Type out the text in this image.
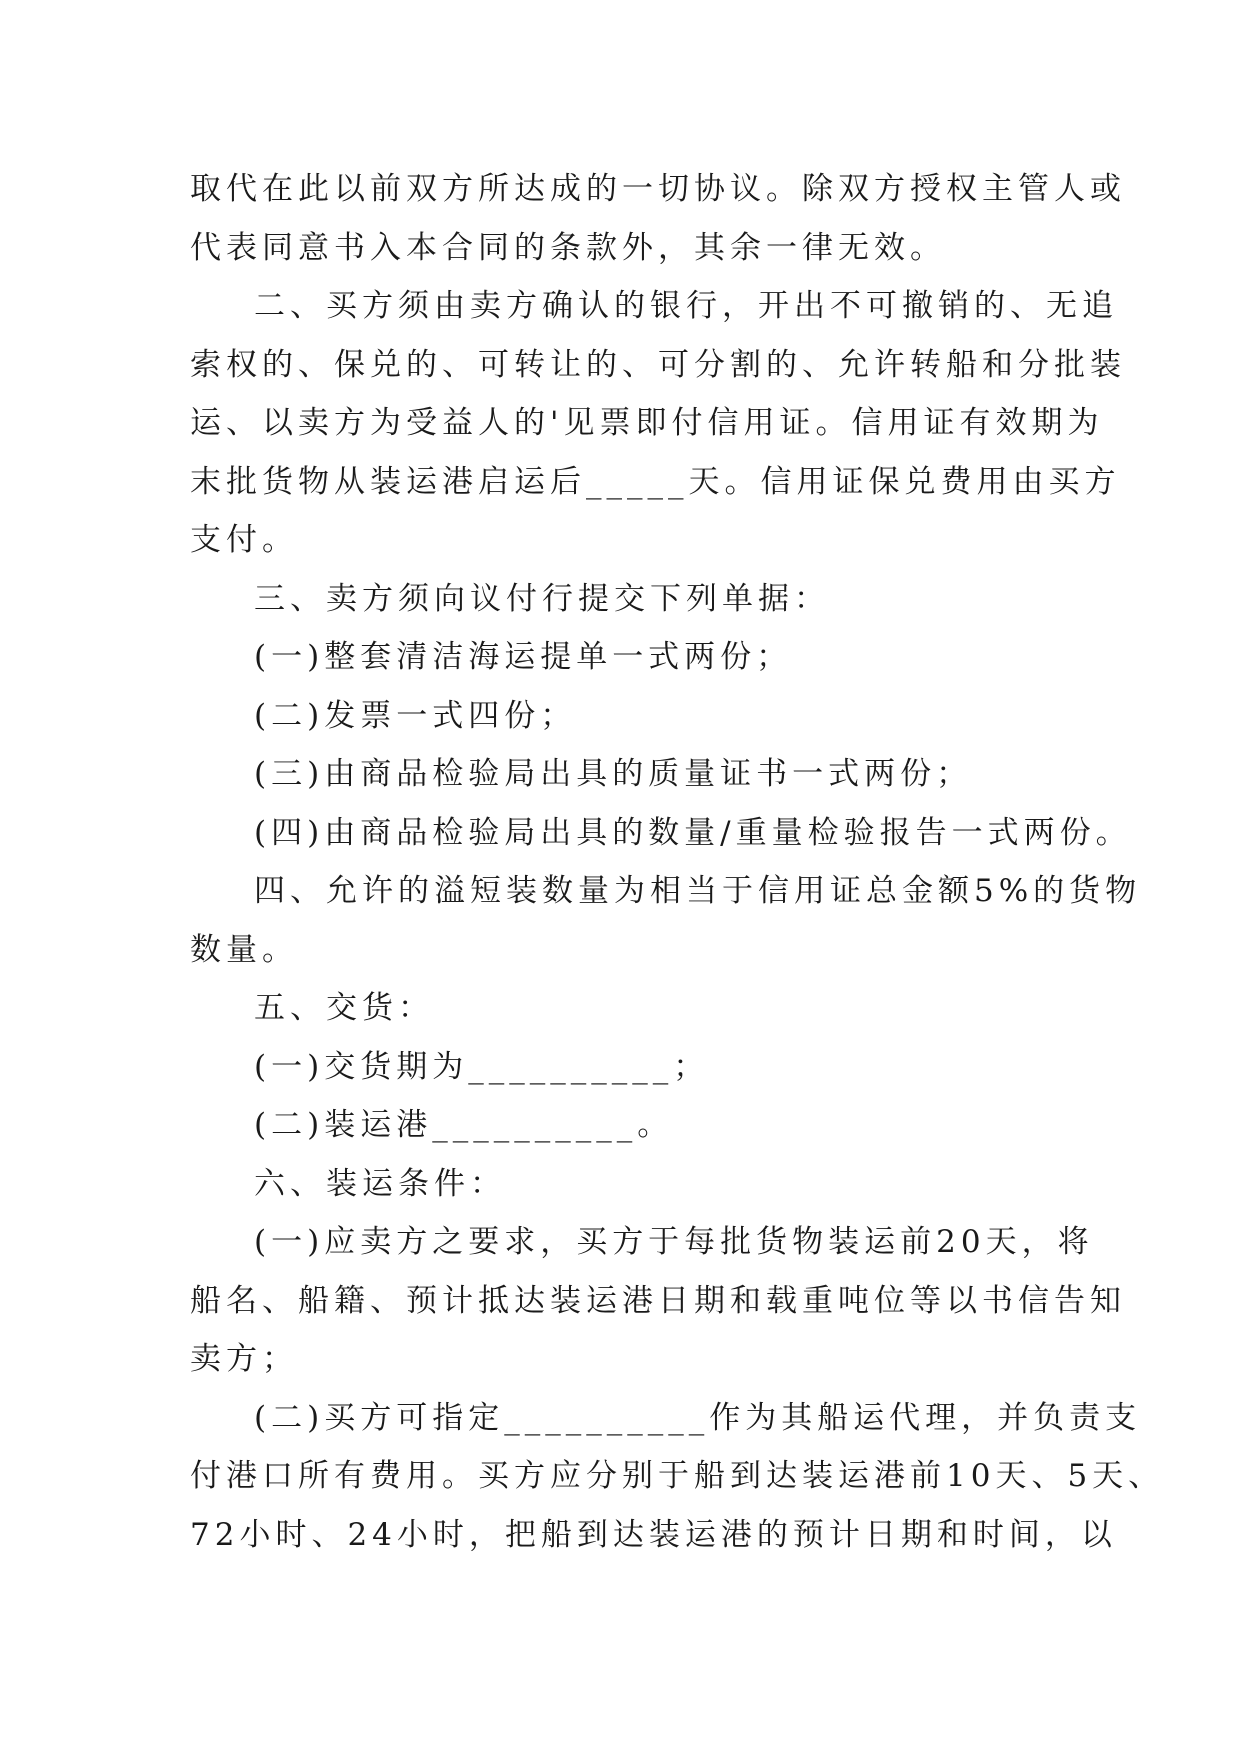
取代在此以前双方所达成的一切协议。除双方授权主管人或
代表同意书入本合同的条款外，其余一律无效。
二、买方须由卖方确认的银行，开出不可撤销的、无追
索权的、保兑的、可转让的、可分割的、允许转船和分批装
运、以卖方为受益人的'见票即付信用证。信用证有效期为
末批货物从装运港启运后_____天。信用证保兑费用由买方
支付。
三、卖方须向议付行提交下列单据：
(一)整套清洁海运提单一式两份；
(二)发票一式四份；
(三)由商品检验局出具的质量证书一式两份；
(四)由商品检验局出具的数量/重量检验报告一式两份。
四、允许的溢短装数量为相当于信用证总金额5%的货物
数量。
五、交货：
(一)交货期为__________；
(二)装运港__________。
六、装运条件：
(一)应卖方之要求，买方于每批货物装运前20天，将
船名、船籍、预计抵达装运港日期和载重吨位等以书信告知
卖方；
(二)买方可指定__________作为其船运代理，并负责支
付港口所有费用。买方应分别于船到达装运港前10天、5天、
72小时、24小时，把船到达装运港的预计日期和时间，以
